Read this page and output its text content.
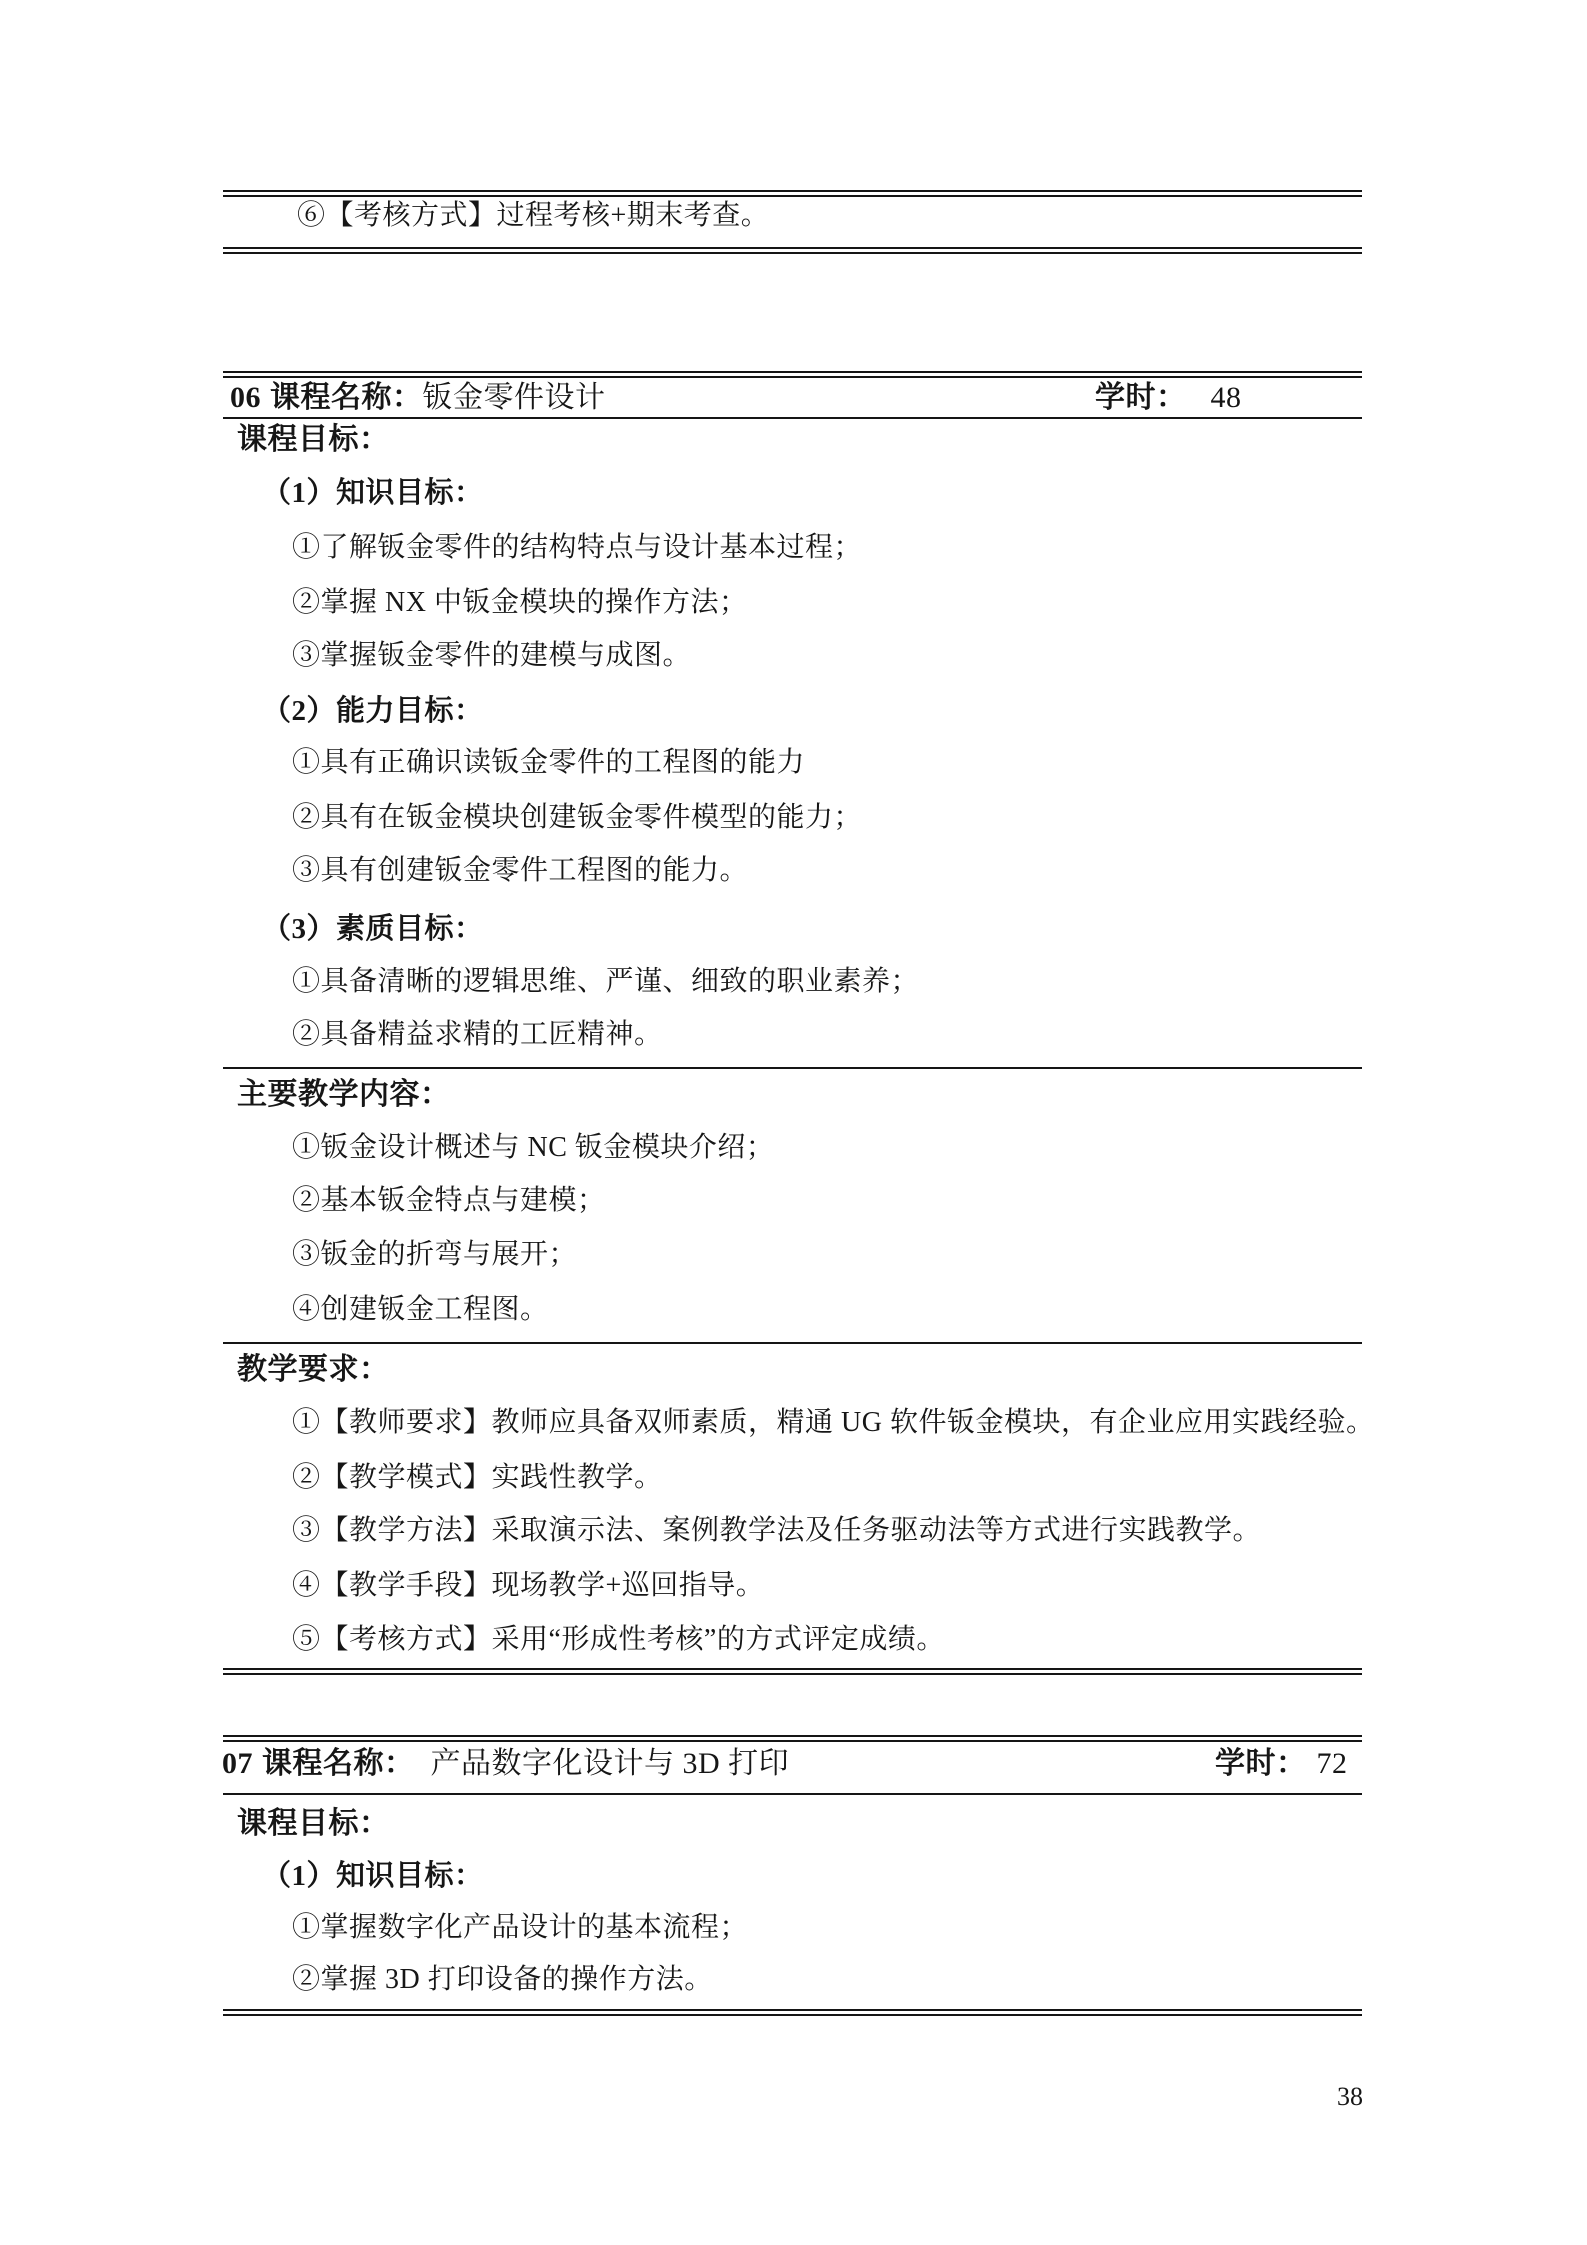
⑥【考核方式】过程考核+期末考查。
06 课程名称：钣金零件设计	学时： 48
课程目标：
（1）知识目标：
①了解钣金零件的结构特点与设计基本过程；
②掌握 NX 中钣金模块的操作方法；
③掌握钣金零件的建模与成图。
（2）能力目标：
①具有正确识读钣金零件的工程图的能力
②具有在钣金模块创建钣金零件模型的能力；
③具有创建钣金零件工程图的能力。
（3）素质目标：
①具备清晰的逻辑思维、严谨、细致的职业素养；
②具备精益求精的工匠精神。
主要教学内容：
①钣金设计概述与 NC 钣金模块介绍；
②基本钣金特点与建模；
③钣金的折弯与展开；
④创建钣金工程图。
教学要求：
①【教师要求】教师应具备双师素质，精通 UG 软件钣金模块，有企业应用实践经验。
②【教学模式】实践性教学。
③【教学方法】采取演示法、案例教学法及任务驱动法等方式进行实践教学。
④【教学手段】现场教学+巡回指导。
⑤【考核方式】采用“形成性考核”的方式评定成绩。
07 课程名称： 产品数字化设计与 3D 打印	学时： 72
课程目标：
（1）知识目标：
①掌握数字化产品设计的基本流程；
②掌握 3D 打印设备的操作方法。
38
